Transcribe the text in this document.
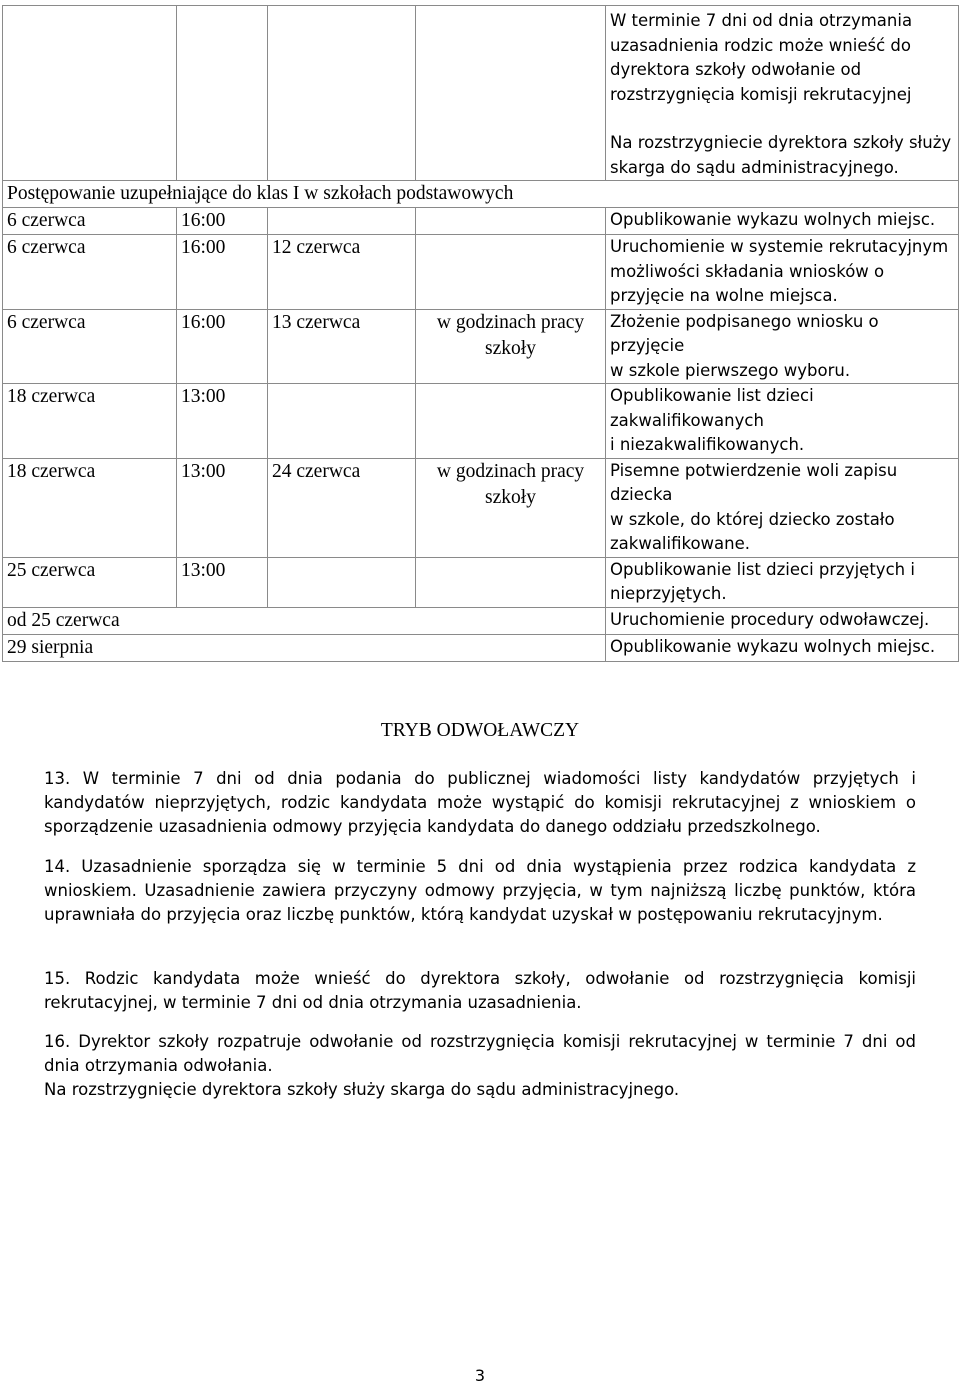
				W terminie 7 dni od dnia otrzymania uzasadnienia rodzic może wnieść do dyrektora szkoły odwołanie od rozstrzygnięcia komisji rekrutacyjnej
Na rozstrzygniecie dyrektora szkoły służy skarga do sądu administracyjnego.

Postępowanie uzupełniające do klas I w szkołach podstawowych				
6 czerwca	16:00			Opublikowanie wykazu wolnych miejsc.
6 czerwca	16:00	12 czerwca		Uruchomienie w systemie rekrutacyjnym możliwości składania wniosków o przyjęcie na wolne miejsca.
6 czerwca	16:00	13 czerwca	w godzinach pracy szkoły	Złożenie podpisanego wniosku o przyjęcie
w szkole pierwszego wyboru.

18 czerwca	13:00			Opublikowanie list dzieci zakwalifikowanych
i niezakwalifikowanych.

18 czerwca	13:00	24 czerwca	w godzinach pracy szkoły	Pisemne potwierdzenie woli zapisu dziecka
w szkole, do której dziecko zostało zakwalifikowane.

25 czerwca	13:00			Opublikowanie list dzieci przyjętych i nieprzyjętych.
od 25 czerwca				Uruchomienie procedury odwoławczej.
29 sierpnia				Opublikowanie wykazu wolnych miejsc.
TRYB ODWOŁAWCZY

13. W terminie 7 dni od dnia podania do publicznej wiadomości listy kandydatów przyjętych i kandydatów nieprzyjętych, rodzic kandydata może wystąpić do komisji rekrutacyjnej z wnioskiem o sporządzenie uzasadnienia odmowy przyjęcia kandydata do danego oddziału przedszkolnego.

14. Uzasadnienie sporządza się w terminie 5 dni od dnia wystąpienia przez rodzica kandydata z wnioskiem. Uzasadnienie zawiera przyczyny odmowy przyjęcia, w tym najniższą liczbę punktów, która uprawniała do przyjęcia oraz liczbę punktów, którą kandydat uzyskał w postępowaniu rekrutacyjnym.

15. Rodzic kandydata może wnieść do dyrektora szkoły, odwołanie od rozstrzygnięcia komisji rekrutacyjnej, w terminie 7 dni od dnia otrzymania uzasadnienia.

16. Dyrektor szkoły rozpatruje odwołanie od rozstrzygnięcia komisji rekrutacyjnej w terminie 7 dni od dnia otrzymania odwołania.

Na rozstrzygnięcie dyrektora szkoły służy skarga do sądu administracyjnego.

3
